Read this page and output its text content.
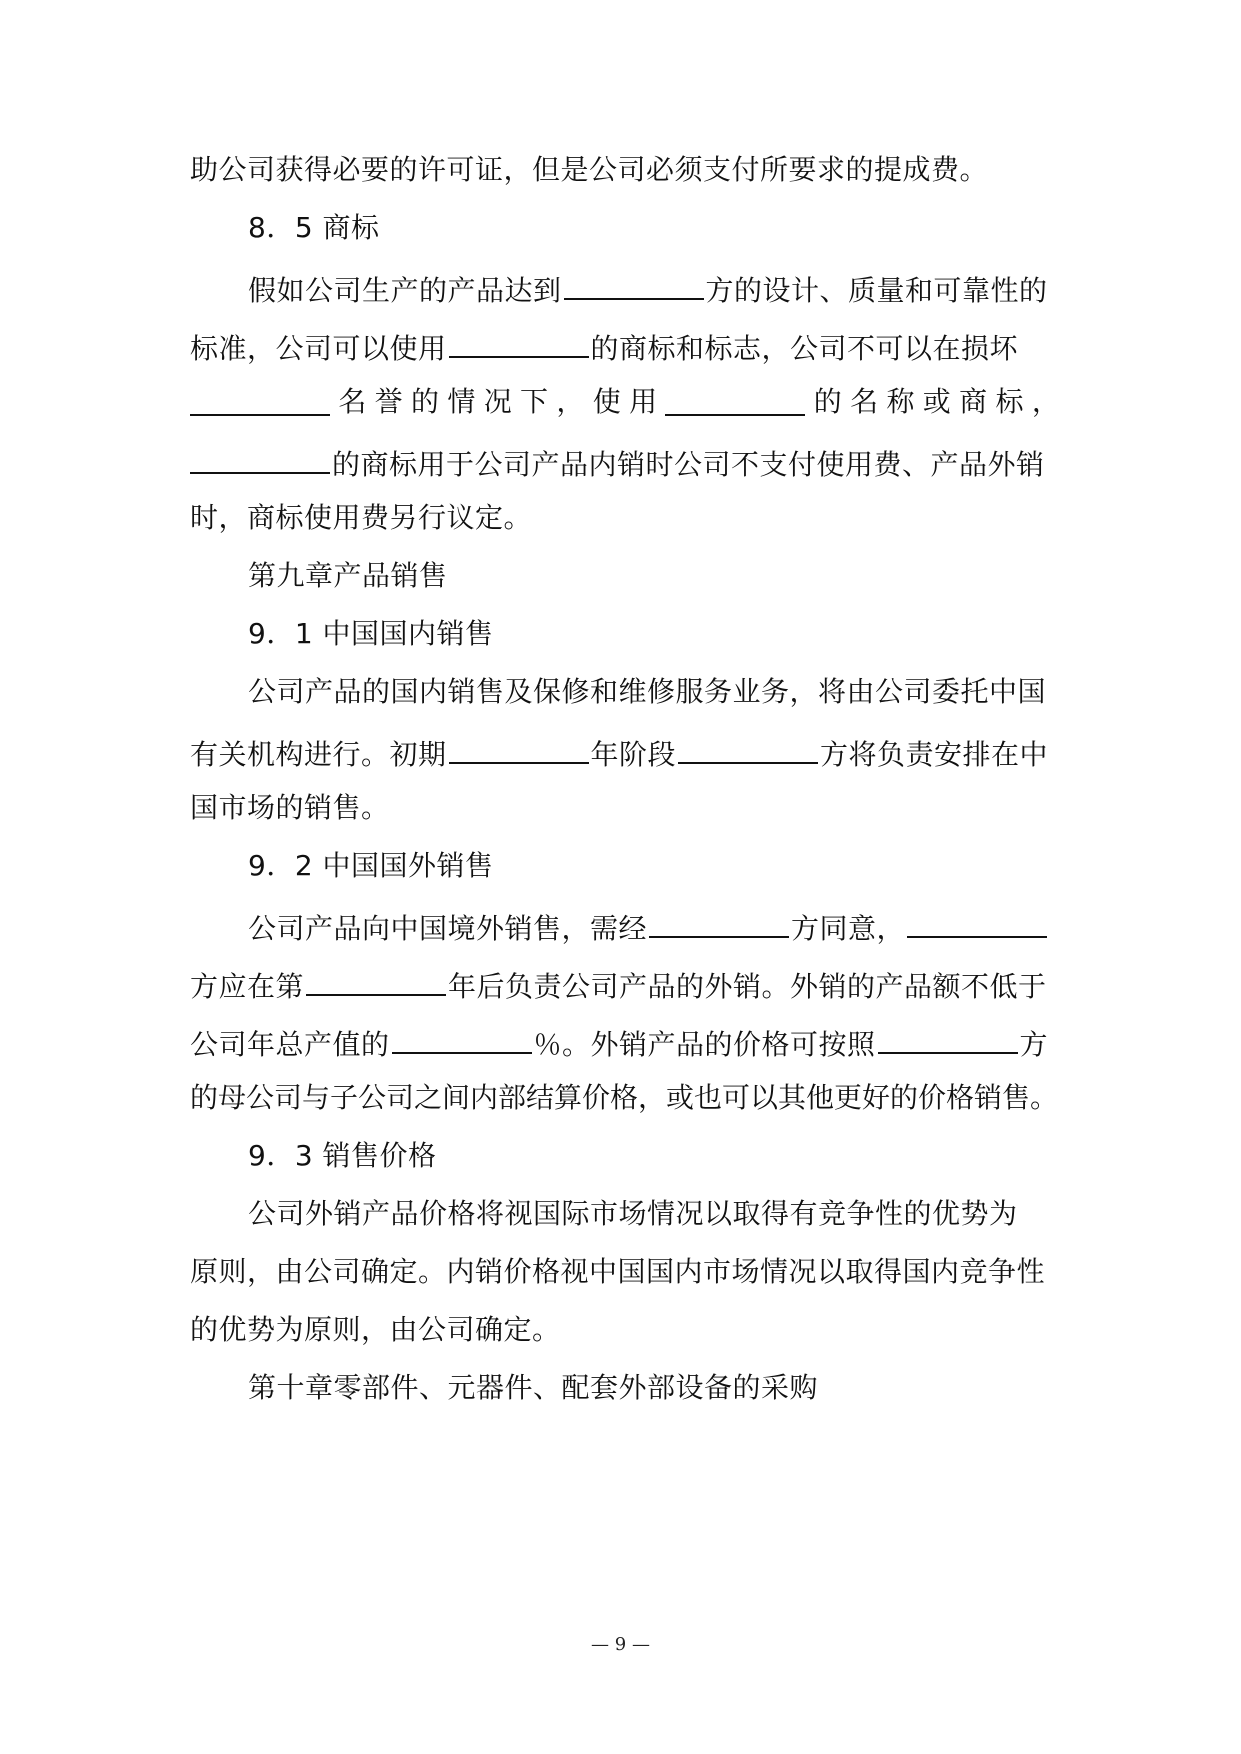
助公司获得必要的许可证，但是公司必须支付所要求的提成费。
8．5 商标
假如公司生产的产品达到	方的设计、质量和可靠性的
标准，公司可以使用	的商标和标志，公司不可以在损坏
名 誉 的 情 况 下 ， 使 用	的 名 称 或 商 标 ，
的商标用于公司产品内销时公司不支付使用费、产品外销
时，商标使用费另行议定。
第九章产品销售
9．1 中国国内销售
公司产品的国内销售及保修和维修服务业务，将由公司委托中国
有关机构进行。初期	年阶段	方将负责安排在中
国市场的销售。
9．2 中国国外销售
公司产品向中国境外销售，需经	方同意，
方应在第	年后负责公司产品的外销。外销的产品额不低于
公司年总产值的	％。外销产品的价格可按照	方
的母公司与子公司之间内部结算价格，或也可以其他更好的价格销售。
9．3 销售价格
公司外销产品价格将视国际市场情况以取得有竞争性的优势为
原则，由公司确定。内销价格视中国国内市场情况以取得国内竞争性
的优势为原则，由公司确定。
第十章零部件、元器件、配套外部设备的采购
— 9 —
